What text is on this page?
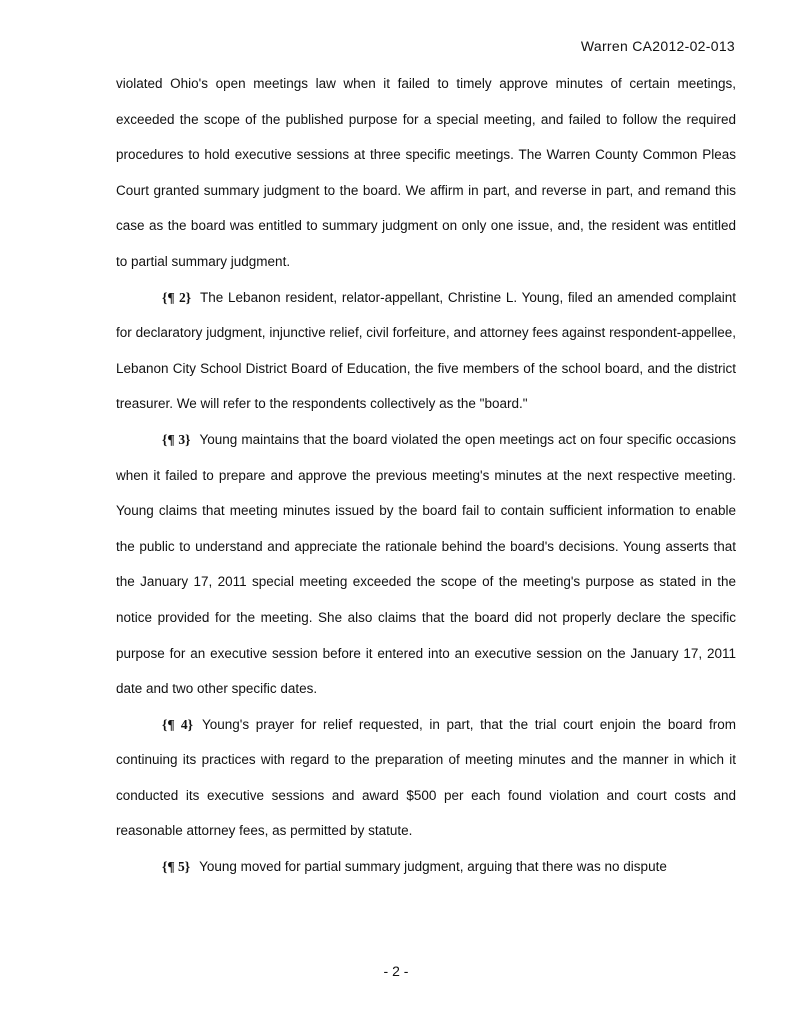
Warren CA2012-02-013

violated Ohio's open meetings law when it failed to timely approve minutes of certain meetings, exceeded the scope of the published purpose for a special meeting, and failed to follow the required procedures to hold executive sessions at three specific meetings. The Warren County Common Pleas Court granted summary judgment to the board. We affirm in part, and reverse in part, and remand this case as the board was entitled to summary judgment on only one issue, and, the resident was entitled to partial summary judgment.

{¶ 2} The Lebanon resident, relator-appellant, Christine L. Young, filed an amended complaint for declaratory judgment, injunctive relief, civil forfeiture, and attorney fees against respondent-appellee, Lebanon City School District Board of Education, the five members of the school board, and the district treasurer. We will refer to the respondents collectively as the "board."

{¶ 3} Young maintains that the board violated the open meetings act on four specific occasions when it failed to prepare and approve the previous meeting's minutes at the next respective meeting. Young claims that meeting minutes issued by the board fail to contain sufficient information to enable the public to understand and appreciate the rationale behind the board's decisions. Young asserts that the January 17, 2011 special meeting exceeded the scope of the meeting's purpose as stated in the notice provided for the meeting. She also claims that the board did not properly declare the specific purpose for an executive session before it entered into an executive session on the January 17, 2011 date and two other specific dates.

{¶ 4} Young's prayer for relief requested, in part, that the trial court enjoin the board from continuing its practices with regard to the preparation of meeting minutes and the manner in which it conducted its executive sessions and award $500 per each found violation and court costs and reasonable attorney fees, as permitted by statute.

{¶ 5} Young moved for partial summary judgment, arguing that there was no dispute

- 2 -
